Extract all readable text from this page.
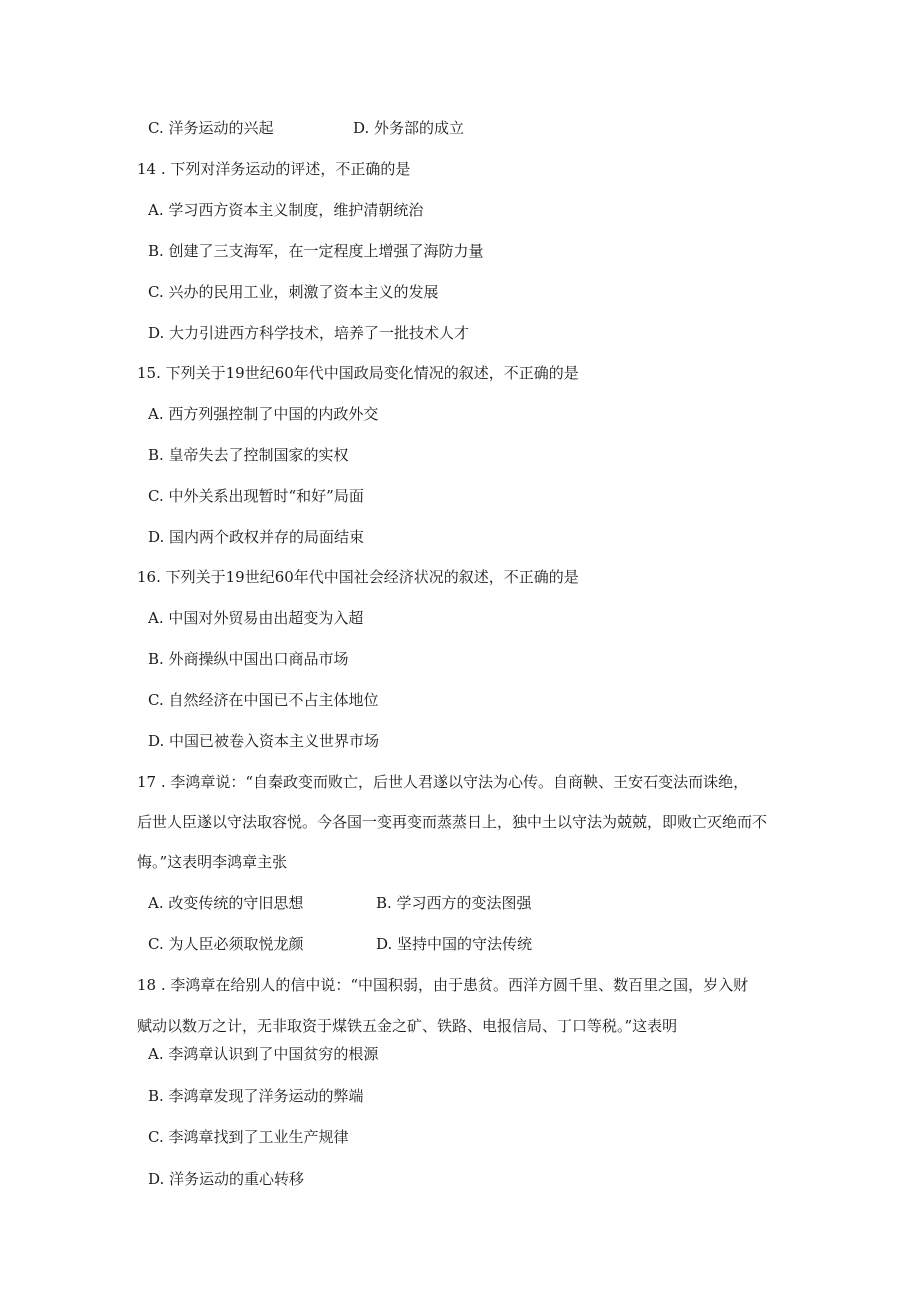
C. 洋务运动的兴起	D. 外务部的成立
14 . 下列对洋务运动的评述，不正确的是
A. 学习西方资本主义制度，维护清朝统治
B. 创建了三支海军，在一定程度上增强了海防力量
C. 兴办的民用工业，刺激了资本主义的发展
D. 大力引进西方科学技术，培养了一批技术人才
15. 下列关于19世纪60年代中国政局变化情况的叙述，不正确的是
A. 西方列强控制了中国的内政外交
B. 皇帝失去了控制国家的实权
C. 中外关系出现暂时“和好”局面
D. 国内两个政权并存的局面结束
16. 下列关于19世纪60年代中国社会经济状况的叙述，不正确的是
A. 中国对外贸易由出超变为入超
B. 外商操纵中国出口商品市场
C. 自然经济在中国已不占主体地位
D. 中国已被卷入资本主义世界市场
17 . 李鸿章说：“自秦政变而败亡，后世人君遂以守法为心传。自商鞅、王安石变法而诛绝，
后世人臣遂以守法取容悦。今各国一变再变而蒸蒸日上，独中土以守法为兢兢，即败亡灭绝而不
悔。”这表明李鸿章主张
A. 改变传统的守旧思想	B. 学习西方的变法图强
C. 为人臣必须取悦龙颜	D. 坚持中国的守法传统
18 . 李鸿章在给别人的信中说：“中国积弱，由于患贫。西洋方圆千里、数百里之国，岁入财
赋动以数万之计，无非取资于煤铁五金之矿、铁路、电报信局、丁口等税。”这表明
A. 李鸿章认识到了中国贫穷的根源
B. 李鸿章发现了洋务运动的弊端
C. 李鸿章找到了工业生产规律
D. 洋务运动的重心转移
